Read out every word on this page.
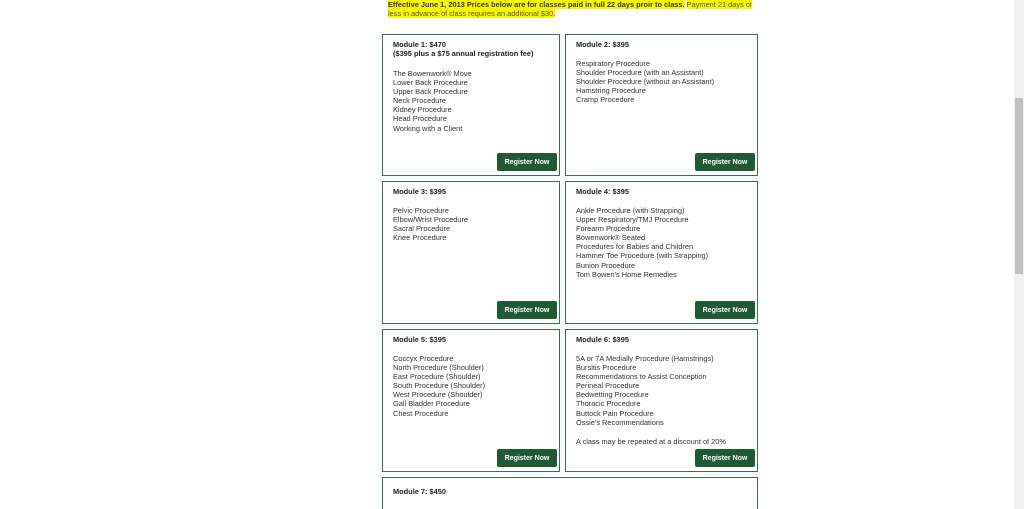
Effective June 1, 2013 Prices below are for classes paid in full 22 days proir to class. Payment 21 days or less in advance of class requires an additional $30.
Module 1: $470
($395 plus a $75 annual registration fee)
The Bowenwork® Move
Lower Back Procedure
Upper Back Procedure
Neck Procedure
Kidney Procedure
Head Procedure
Working with a Client
Register Now
Module 2: $395
Respiratory Procedure
Shoulder Procedure (with an Assistant)
Shoulder Procedure (without an Assistant)
Hamstring Procedure
Cramp Procedure
Register Now
Module 3: $395
Pelvic Procedure
Elbow/Wrist Procedure
Sacral Procedure
Knee Procedure
Register Now
Module 4: $395
Ankle Procedure (with Strapping)
Upper Respiratory/TMJ Procedure
Forearm Procedure
Bowenwork® Seated
Procedures for Babies and Children
Hammer Toe Procedure (with Strapping)
Bunion Procedure
Tom Bowen's Home Remedies
Register Now
Module 5: $395
Coccyx Procedure
North Procedure (Shoulder)
East Procedure (Shoulder)
South Procedure (Shoulder)
West Procedure (Shoulder)
Gall Bladder Procedure
Chest Procedure
Register Now
Module 6: $395
5A or 7A Medially Procedure (Hamstrings)
Bursitis Procedure
Recommendations to Assist Conception
Perineal Procedure
Bedwetting Procedure
Thoracic Procedure
Buttock Pain Procedure
Ossie's Recommendations
A class may be repeated at a discount of 20%
Register Now
Module 7: $450
